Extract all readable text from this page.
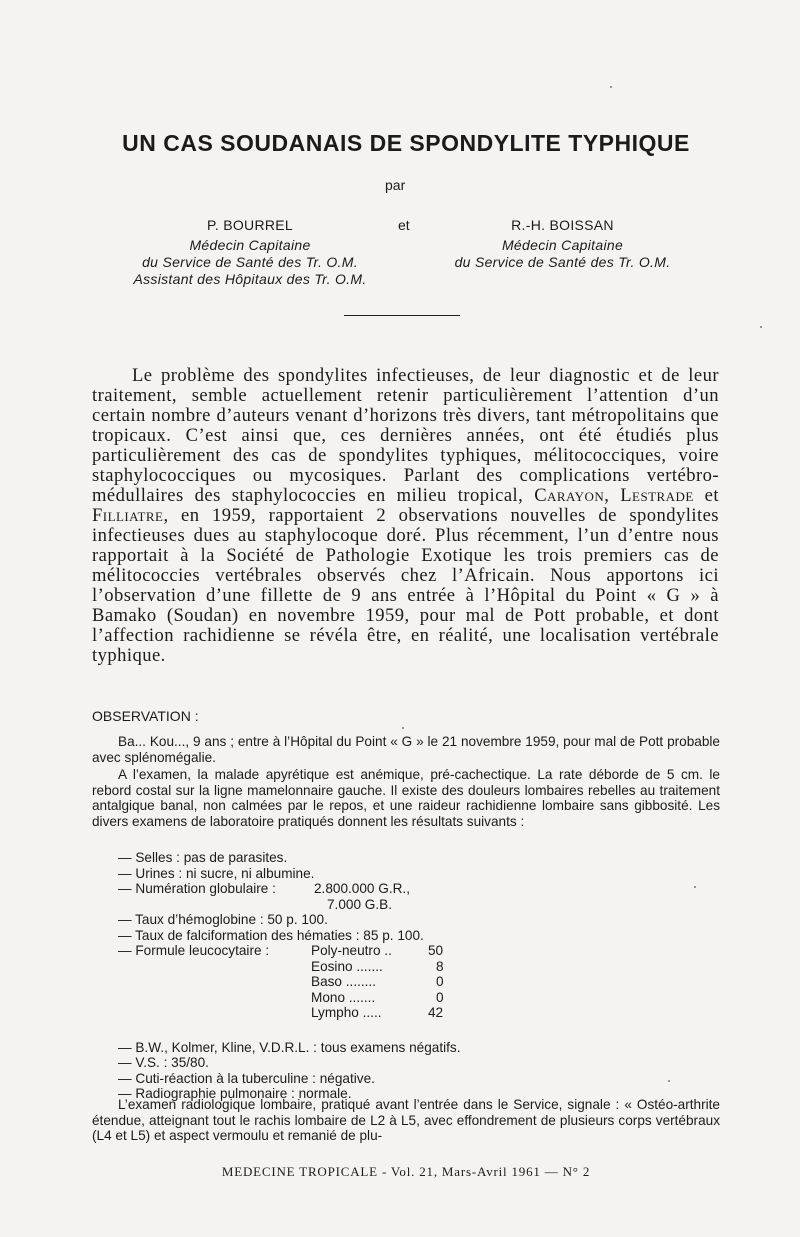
UN CAS SOUDANAIS DE SPONDYLITE TYPHIQUE
par
P. BOURREL
Médecin Capitaine
du Service de Santé des Tr. O.M.
Assistant des Hôpitaux des Tr. O.M.
et	R.-H. BOISSAN
Médecin Capitaine
du Service de Santé des Tr. O.M.

Le problème des spondylites infectieuses, de leur diagnostic et de leur traitement, semble actuellement retenir particulièrement l’attention d’un certain nombre d’auteurs venant d’horizons très divers, tant métropolitains que tropicaux. C’est ainsi que, ces dernières années, ont été étudiés plus particulièrement des cas de spondylites typhiques, mélitococciques, voire staphylococciques ou mycosiques. Parlant des complications vertébro-médullaires des staphylococcies en milieu tropical, Carayon, Lestrade et Filliatre, en 1959, rapportaient 2 observations nouvelles de spondylites infectieuses dues au staphylocoque doré. Plus récemment, l’un d’entre nous rapportait à la Société de Pathologie Exotique les trois premiers cas de mélitococcies vertébrales observés chez l’Africain. Nous apportons ici l’observation d’une fillette de 9 ans entrée à l’Hôpital du Point « G » à Bamako (Soudan) en novembre 1959, pour mal de Pott probable, et dont l’affection rachidienne se révéla être, en réalité, une localisation vertébrale typhique.

OBSERVATION :

Ba... Kou..., 9 ans ; entre à l’Hôpital du Point « G » le 21 novembre 1959, pour mal de Pott probable avec splénomégalie.

A l’examen, la malade apyrétique est anémique, pré-cachectique. La rate déborde de 5 cm. le rebord costal sur la ligne mamelonnaire gauche. Il existe des douleurs lombaires rebelles au traitement antalgique banal, non calmées par le repos, et une raideur rachidienne lombaire sans gibbosité. Les divers examens de laboratoire pratiqués donnent les résultats suivants :

— Selles : pas de parasites.
— Urines : ni sucre, ni albumine.
— Numération globulaire :	2.800.000 G.R.,
7.000 G.B.
— Taux d’hémoglobine : 50 p. 100.
— Taux de falciformation des hématies : 85 p. 100.
— Formule leucocytaire :	Poly-neutro ..	50
Eosino .......	8
Baso ........	0
Mono .......	0
Lympho .....	42
— B.W., Kolmer, Kline, V.D.R.L. : tous examens négatifs.
— V.S. : 35/80.
— Cuti-réaction à la tuberculine : négative.
— Radiographie pulmonaire : normale.

L’examen radiologique lombaire, pratiqué avant l’entrée dans le Service, signale : « Ostéo-arthrite étendue, atteignant tout le rachis lombaire de L2 à L5, avec effondrement de plusieurs corps vertébraux (L4 et L5) et aspect vermoulu et remanié de plu-

MEDECINE TROPICALE - Vol. 21, Mars-Avril 1961 — N° 2
